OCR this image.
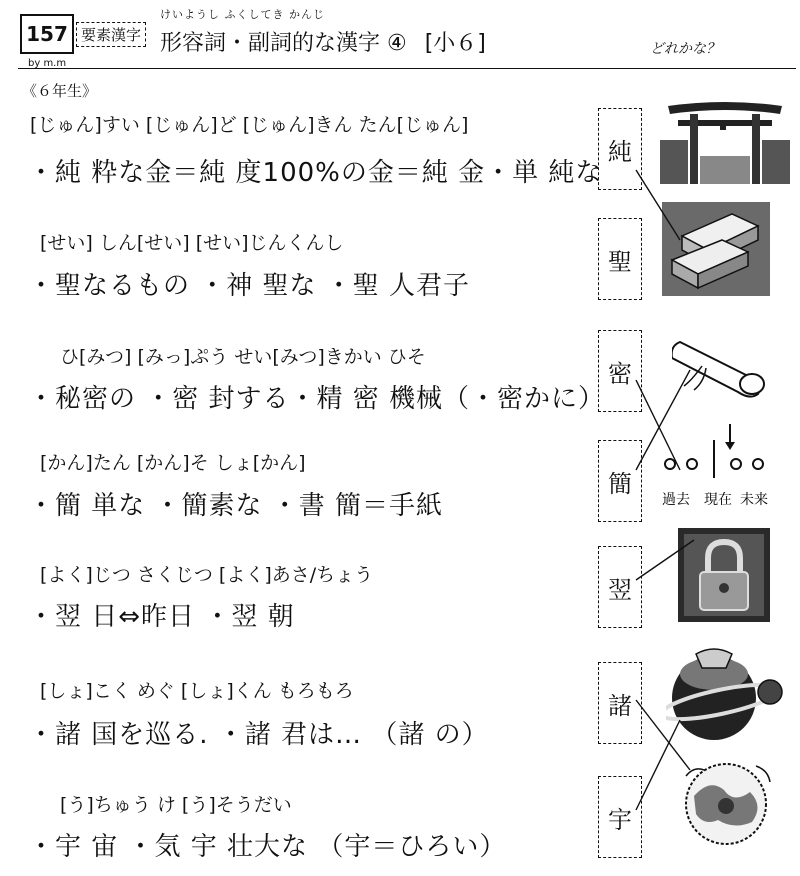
157 要素漢字
by m.m
けいようし ふくしてき かんじ
形容詞・副詞的な漢字 ④ [小６]	どれかな？
《６年生》
[じゅん]すい [じゅん]ど [じゅん]きん たん[じゅん]
・純 粋な金＝純 度100%の金＝純 金・単 純な
[せい] しん[せい] [せい]じんくんし
・聖なるもの ・神 聖な ・聖 人君子
ひ[みつ] [みっ]ぷう せい[みつ]きかい ひそ
・秘密の ・密 封する・精 密 機械（・密かに）
[かん]たん [かん]そ しょ[かん]
・簡 単な ・簡素な ・書 簡＝手紙
[よく]じつ さくじつ [よく]あさ/ちょう
・翌 日⇔昨日 ・翌 朝
[しょ]こく めぐ [しょ]くん もろもろ
・諸 国を巡る. ・諸 君は… （諸 の）
[う]ちゅう け [う]そうだい
・宇 宙 ・気 宇 壮大な （宇＝ひろい）
純
聖
密
簡
翌
諸
宇
過去 現在 未来
